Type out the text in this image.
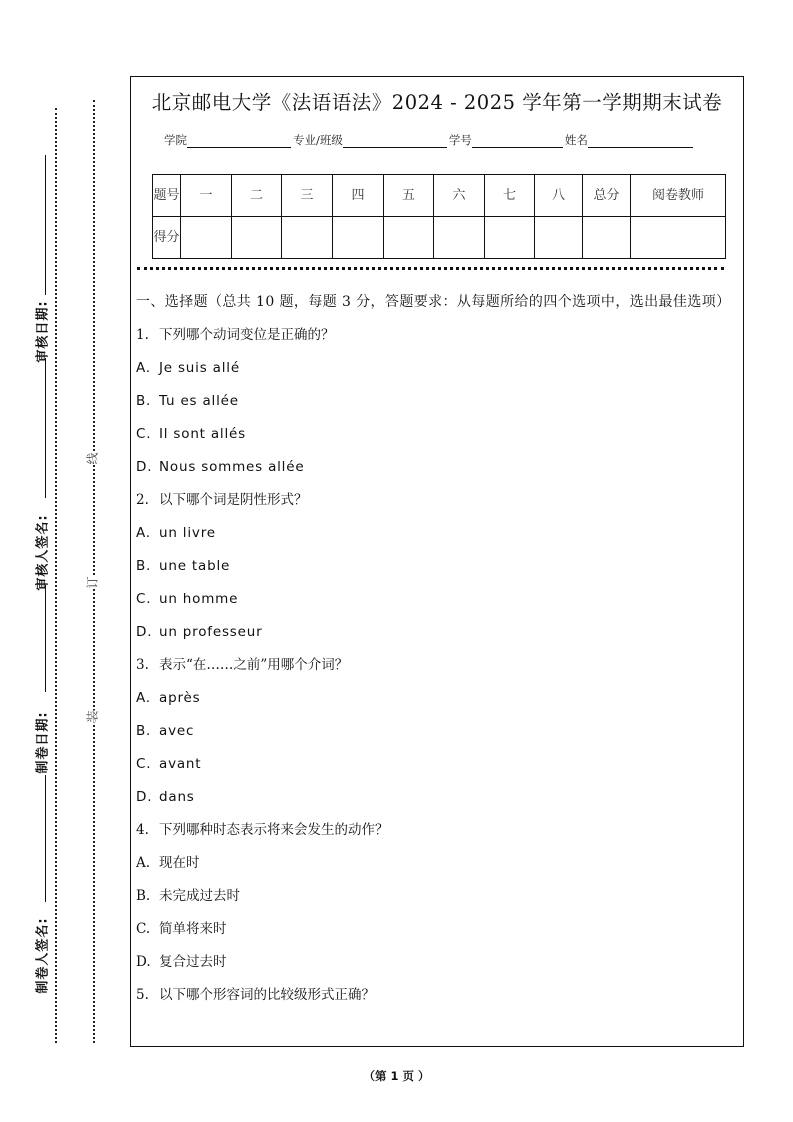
审核日期:
审核人签名:
制卷日期:
制卷人签名:
线
订
装
北京邮电大学《法语语法》2024 - 2025 学年第一学期期末试卷
学院	专业/班级	学号	姓名
题号	一	二	三	四	五	六	七	八	总分	阅卷教师
得分										
一、选择题（总共 10 题，每题 3 分，答题要求：从每题所给的四个选项中，选出最佳选项）
1. 下列哪个动词变位是正确的？
A. Je suis allé
B. Tu es allée
C. Il sont allés
D. Nous sommes allée
2. 以下哪个词是阴性形式？
A. un livre
B. une table
C. un homme
D. un professeur
3. 表示“在……之前”用哪个介词？
A. après
B. avec
C. avant
D. dans
4. 下列哪种时态表示将来会发生的动作？
A. 现在时
B. 未完成过去时
C. 简单将来时
D. 复合过去时
5. 以下哪个形容词的比较级形式正确？
（第 1 页 ）
